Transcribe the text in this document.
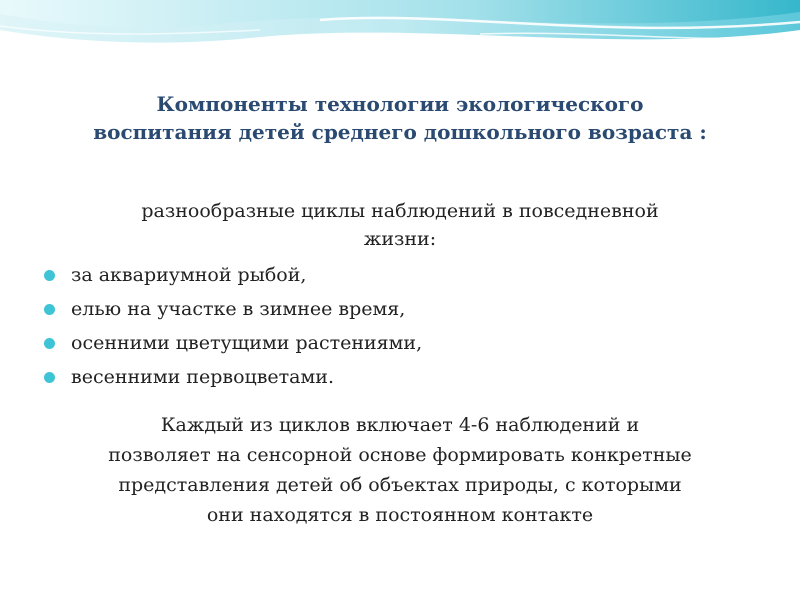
Компоненты технологии экологического
воспитания детей среднего дошкольного возраста :
разнообразные циклы наблюдений в повседневной
жизни:
за аквариумной рыбой,
елью на участке в зимнее время,
осенними цветущими растениями,
весенними первоцветами.
Каждый из циклов включает 4-6 наблюдений и
позволяет на сенсорной основе формировать конкретные
представления детей об объектах природы, с которыми
они находятся в постоянном контакте
